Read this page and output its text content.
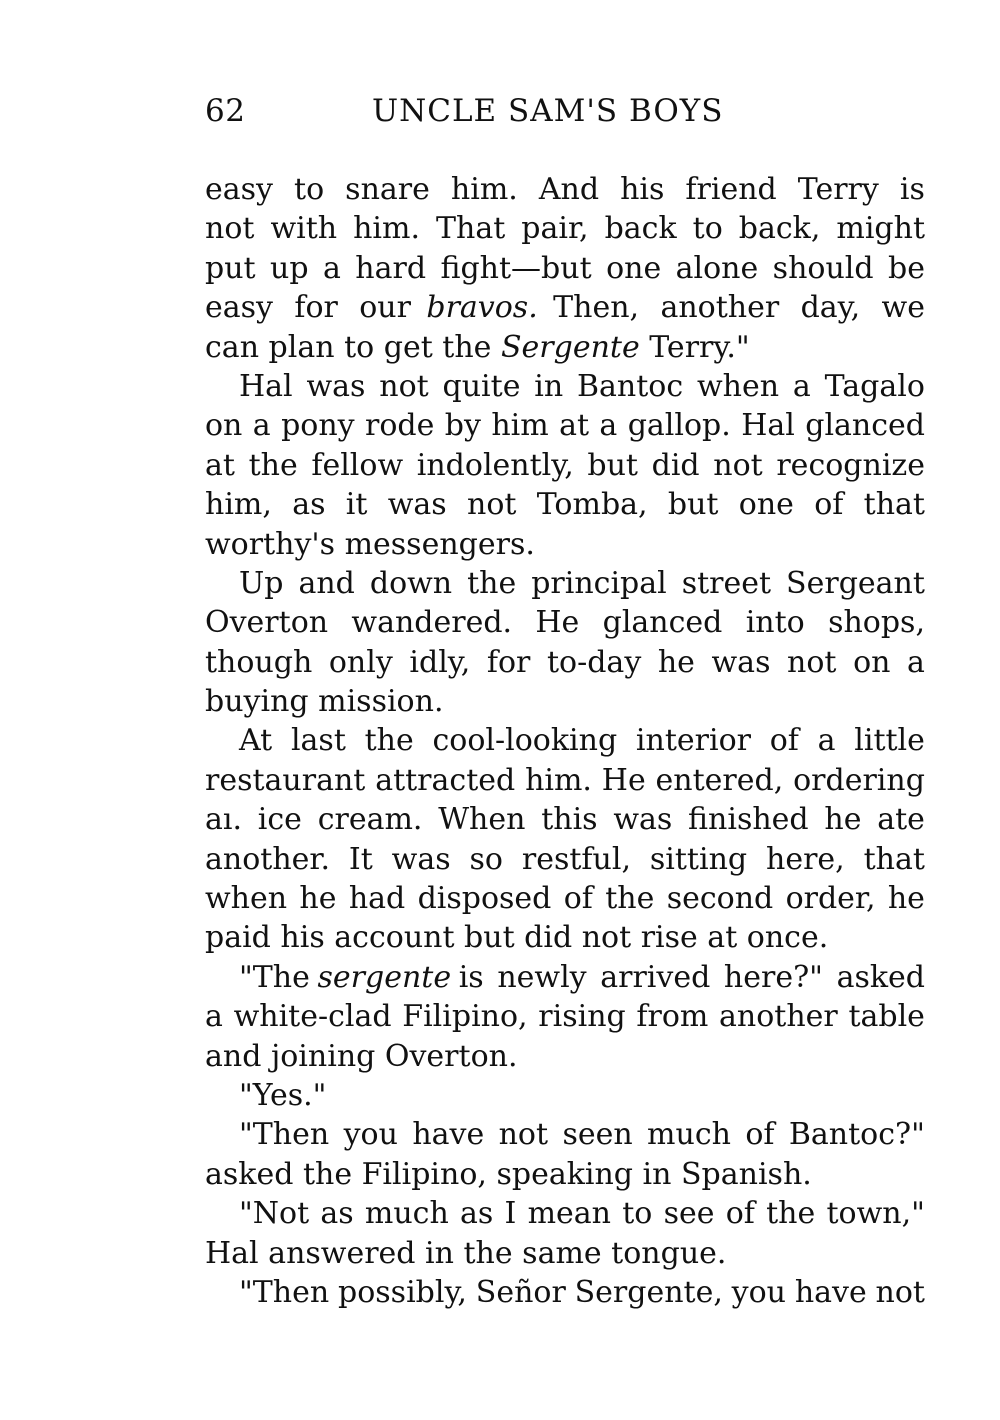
62	UNCLE SAM'S BOYS
easy to snare him. And his friend Terry is
not with him. That pair, back to back, might
put up a hard fight—but one alone should be
easy for our bravos. Then, another day, we
can plan to get the Sergente Terry."
Hal was not quite in Bantoc when a Tagalo
on a pony rode by him at a gallop. Hal glanced
at the fellow indolently, but did not recognize
him, as it was not Tomba, but one of that
worthy's messengers.
Up and down the principal street Sergeant
Overton wandered. He glanced into shops,
though only idly, for to-day he was not on a
buying mission.
At last the cool-looking interior of a little
restaurant attracted him. He entered, ordering
aı. ice cream. When this was finished he ate
another. It was so restful, sitting here, that
when he had disposed of the second order, he
paid his account but did not rise at once.
"The sergente is newly arrived here?" asked
a white-clad Filipino, rising from another table
and joining Overton.
"Yes."
"Then you have not seen much of Bantoc?"
asked the Filipino, speaking in Spanish.
"Not as much as I mean to see of the town,"
Hal answered in the same tongue.
"Then possibly, Señor Sergente, you have not
